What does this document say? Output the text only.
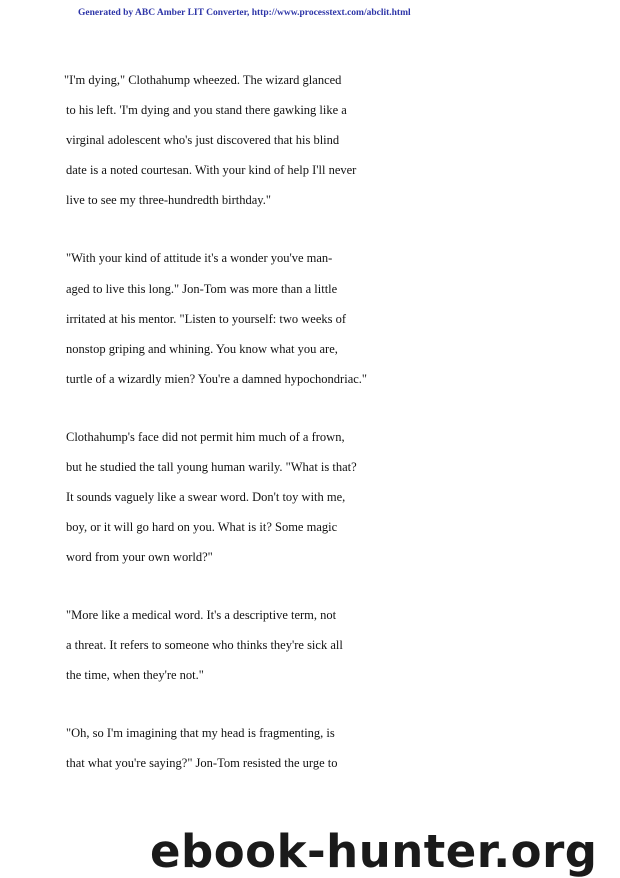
Generated by ABC Amber LIT Converter, http://www.processtext.com/abclit.html
"I'm dying," Clothahump wheezed. The wizard glanced
to his left. 'I'm dying and you stand there gawking like a
virginal adolescent who's just discovered that his blind
date is a noted courtesan. With your kind of help I'll never
live to see my three-hundredth birthday."
"With your kind of attitude it's a wonder you've man-
aged to live this long." Jon-Tom was more than a little
irritated at his mentor. "Listen to yourself: two weeks of
nonstop griping and whining. You know what you are,
turtle of a wizardly mien? You're a damned hypochondriac."
Clothahump's face did not permit him much of a frown,
but he studied the tall young human warily. "What is that?
It sounds vaguely like a swear word. Don't toy with me,
boy, or it will go hard on you. What is it? Some magic
word from your own world?"
"More like a medical word. It's a descriptive term, not
a threat. It refers to someone who thinks they're sick all
the time, when they're not."
"Oh, so I'm imagining that my head is fragmenting, is
that what you're saying?" Jon-Tom resisted the urge to
ebook-hunter.org
